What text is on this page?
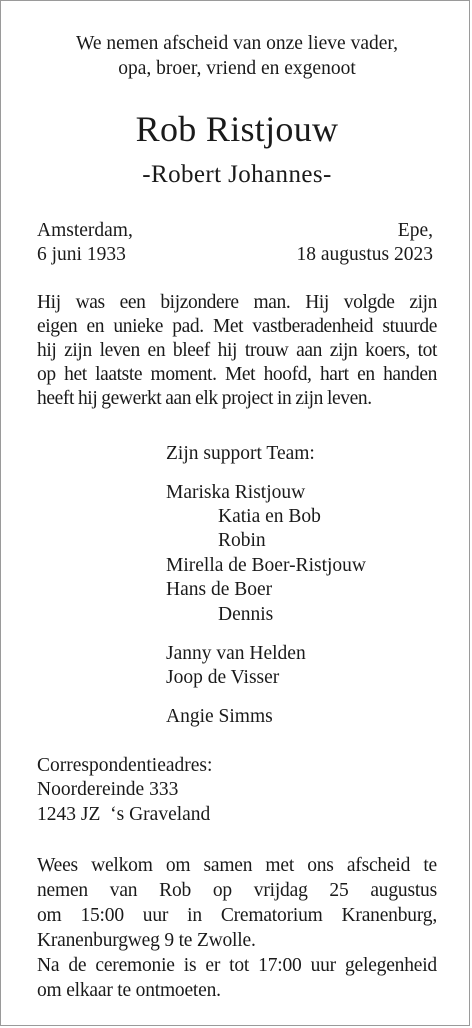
We nemen afscheid van onze lieve vader,
opa, broer, vriend en exgenoot
Rob Ristjouw
-Robert Johannes-
Amsterdam,
6 juni 1933
Epe,
18 augustus 2023
Hij was een bijzondere man. Hij volgde zijn
eigen en unieke pad. Met vastberadenheid stuurde
hij zijn leven en bleef hij trouw aan zijn koers, tot
op het laatste moment. Met hoofd, hart en handen
heeft hij gewerkt aan elk project in zijn leven.
Zijn support Team:
Mariska Ristjouw
Katia en Bob
Robin
Mirella de Boer-Ristjouw
Hans de Boer
Dennis
Janny van Helden
Joop de Visser
Angie Simms
Correspondentieadres:
Noordereinde 333
1243 JZ  ‘s Graveland
Wees welkom om samen met ons afscheid te
nemen van Rob op vrijdag 25 augustus
om 15:00 uur in Crematorium Kranenburg,
Kranenburgweg 9 te Zwolle.
Na de ceremonie is er tot 17:00 uur gelegenheid
om elkaar te ontmoeten.
